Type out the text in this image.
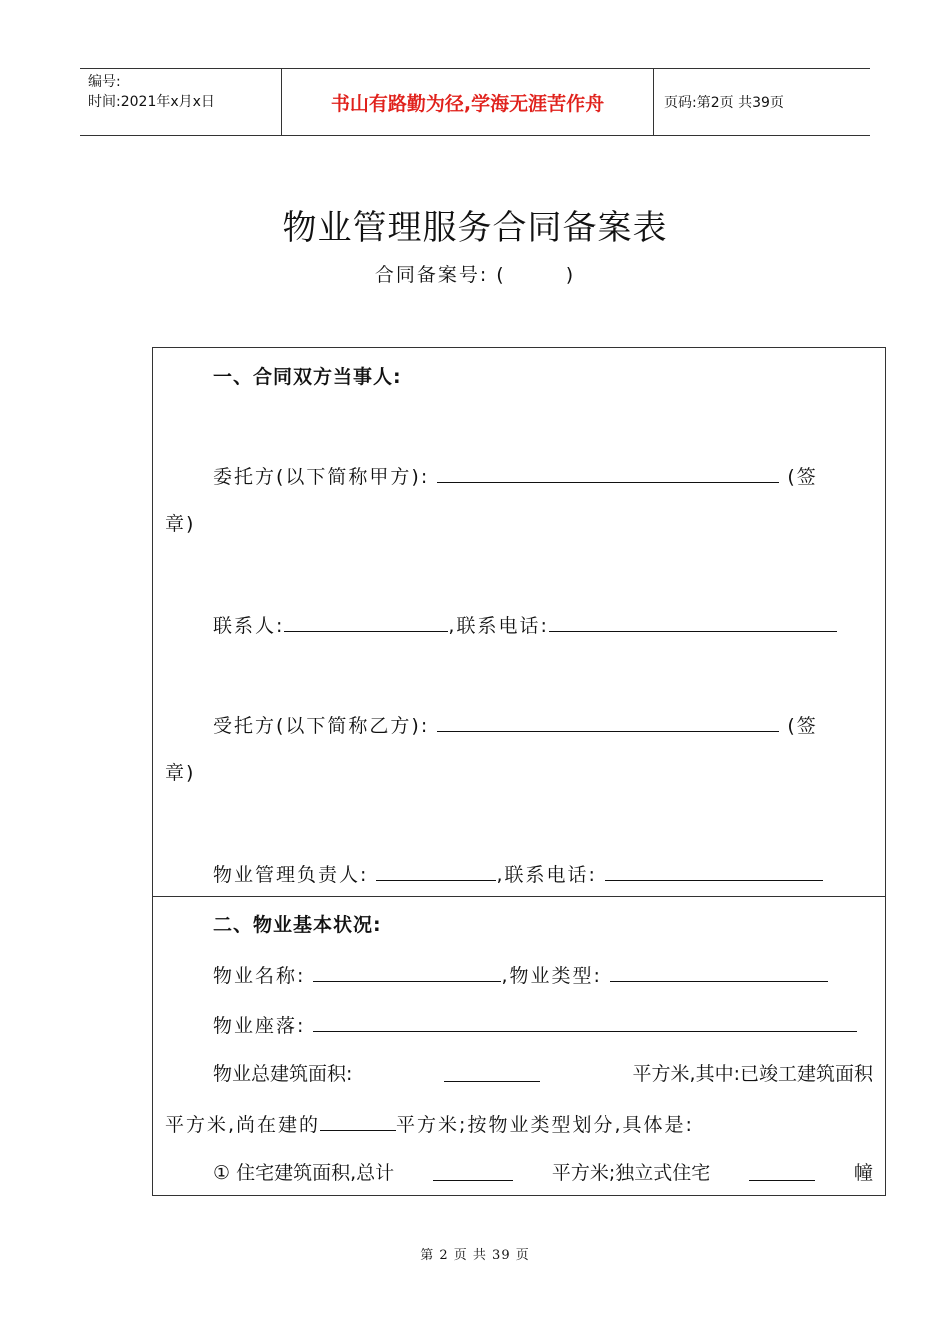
编号:
时间:2021年x月x日	书山有路勤为径,学海无涯苦作舟	页码:第2页 共39页
物业管理服务合同备案表
合同备案号: (	)
一、合同双方当事人:
委托方(以下简称甲方):	(签
章)
联系人:	,联系电话:
受托方(以下简称乙方):	(签
章)
物业管理负责人:	,联系电话:
二、物业基本状况:
物业名称:	,物业类型:
物业座落:
物业总建筑面积:	平方米,其中:已竣工建筑面积
平方米,尚在建的	平方米;按物业类型划分,具体是:
① 住宅建筑面积,总计	平方米;独立式住宅	幢
第 2 页 共 39 页
